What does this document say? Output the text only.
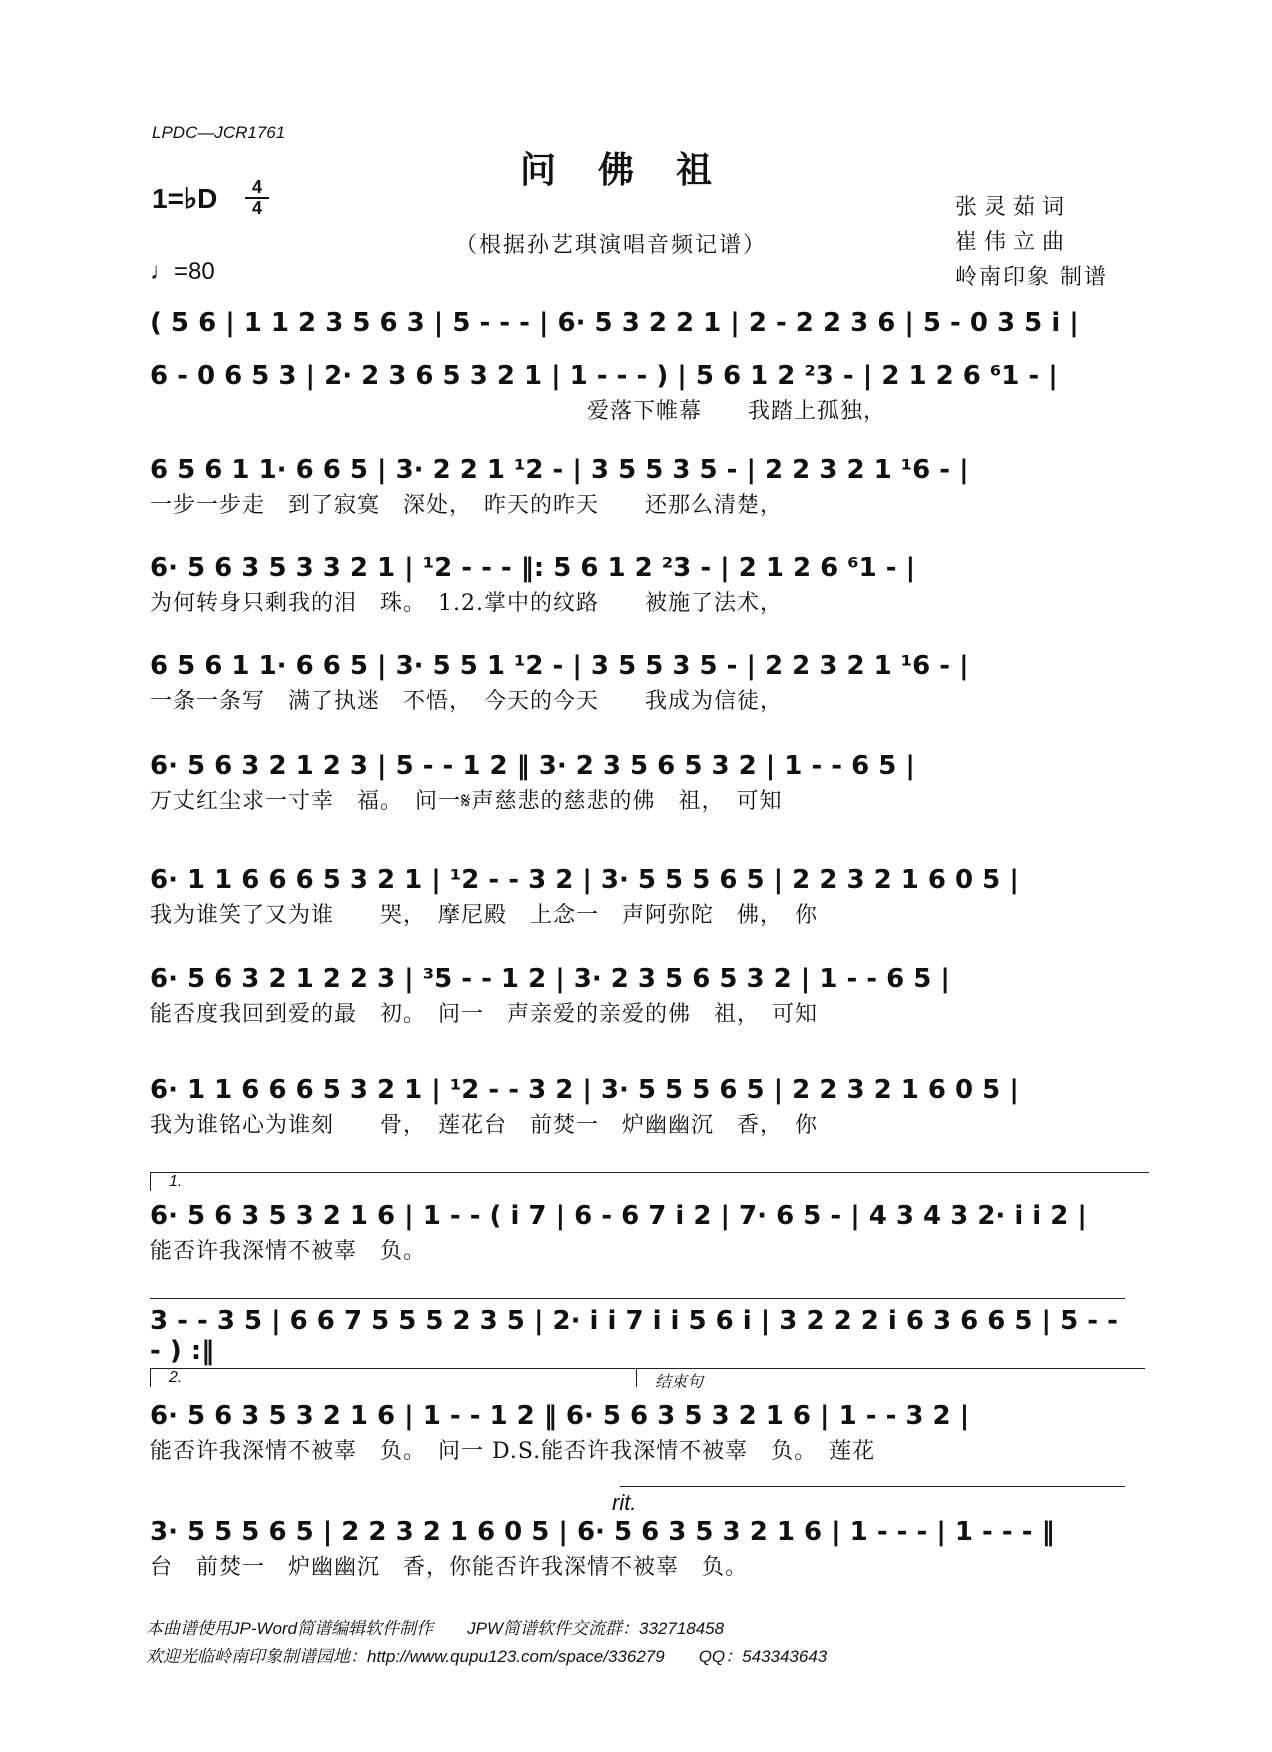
LPDC—JCR1761
问佛祖
1=♭D	4
4
（根据孙艺琪演唱音频记谱）
♩=80
张灵茹词
崔伟立曲
岭南印象 制谱
( 5 6 | 1 1 2 3 5 6 3 | 5 - - - | 6· 5 3 2 2 1 | 2 - 2 2 3 6 | 5 - 0 3 5 i |
6 - 0 6 5 3 | 2· 2 3 6 5 3 2 1 | 1 - - - ) | 5 6 1 2 ²3 - | 2 1 2 6 ⁶1 - |
　　　　　　　　　　　　　　　　　　　爱落下帷幕　　我踏上孤独，
6 5 6 1 1· 6 6 5 | 3· 2 2 1 ¹2 - | 3 5 5 3 5 - | 2 2 3 2 1 ¹6 - |
一步一步走　到了寂寞　深处，　昨天的昨天　　还那么清楚，
6· 5 6 3 5 3 3 2 1 | ¹2 - - - ‖: 5 6 1 2 ²3 - | 2 1 2 6 ⁶1 - |
为何转身只剩我的泪　珠。　1.2.掌中的纹路　　被施了法术，
6 5 6 1 1· 6 6 5 | 3· 5 5 1 ¹2 - | 3 5 5 3 5 - | 2 2 3 2 1 ¹6 - |
一条一条写　满了执迷　不悟，　今天的今天　　我成为信徒，
6· 5 6 3 2 1 2 3 | 5 - - 1 2 ‖ 3· 2 3 5 6 5 3 2 | 1 - - 6 5 |
万丈红尘求一寸幸　福。　问一𝄋声慈悲的慈悲的佛　祖，　可知
6· 1 1 6 6 6 5 3 2 1 | ¹2 - - 3 2 | 3· 5 5 5 6 5 | 2 2 3 2 1 6 0 5 |
我为谁笑了又为谁　　哭，　摩尼殿　上念一　声阿弥陀　佛，　你
6· 5 6 3 2 1 2 2 3 | ³5 - - 1 2 | 3· 2 3 5 6 5 3 2 | 1 - - 6 5 |
能否度我回到爱的最　初。　问一　声亲爱的亲爱的佛　祖，　可知
6· 1 1 6 6 6 5 3 2 1 | ¹2 - - 3 2 | 3· 5 5 5 6 5 | 2 2 3 2 1 6 0 5 |
我为谁铭心为谁刻　　骨，　莲花台　前焚一　炉幽幽沉　香，　你
1.
6· 5 6 3 5 3 2 1 6 | 1 - - ( i 7 | 6 - 6 7 i 2 | 7· 6 5 - | 4 3 4 3 2· i i 2 |
能否许我深情不被辜　负。
3 - - 3 5 | 6 6 7 5 5 5 2 3 5 | 2· i i 7 i i 5 6 i | 3 2 2 2 i 6 3 6 6 5 | 5 - - - ) :‖
2.	结束句
6· 5 6 3 5 3 2 1 6 | 1 - - 1 2 ‖ 6· 5 6 3 5 3 2 1 6 | 1 - - 3 2 |
能否许我深情不被辜　负。　问一 D.S.能否许我深情不被辜　负。　莲花
rit.
3· 5 5 5 6 5 | 2 2 3 2 1 6 0 5 | 6· 5 6 3 5 3 2 1 6 | 1 - - - | 1 - - - ‖
台　前焚一　炉幽幽沉　香，你能否许我深情不被辜　负。
本曲谱使用JP-Word简谱编辑软件制作　　JPW简谱软件交流群：332718458
欢迎光临岭南印象制谱园地：http://www.qupu123.com/space/336279　　QQ：543343643
